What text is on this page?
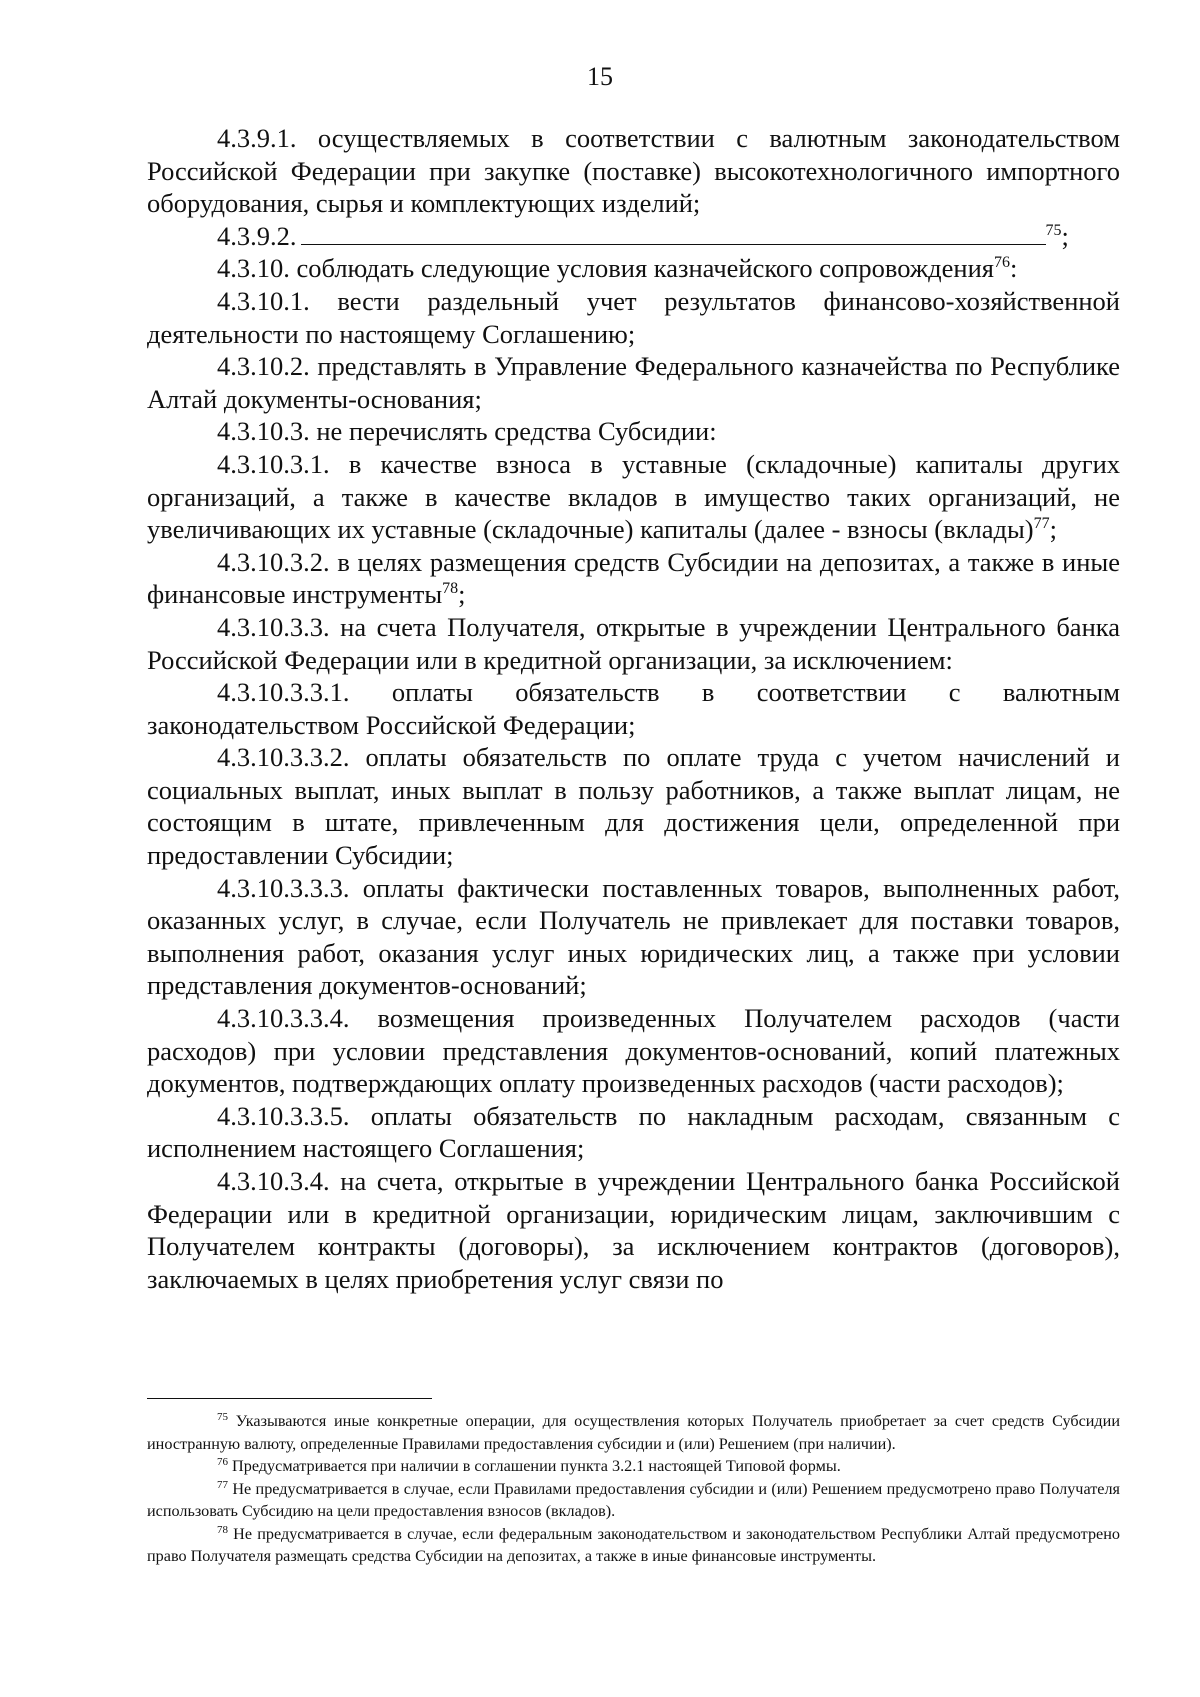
15

4.3.9.1. осуществляемых в соответствии с валютным законодательством Российской Федерации при закупке (поставке) высокотехнологичного импортного оборудования, сырья и комплектующих изделий;

4.3.9.2.	$^{75}$;

4.3.10. соблюдать следующие условия казначейского сопровождения$^{76}$:

4.3.10.1. вести раздельный учет результатов финансово-хозяйственной деятельности по настоящему Соглашению;

4.3.10.2. представлять в Управление Федерального казначейства по Республике Алтай документы-основания;

4.3.10.3. не перечислять средства Субсидии:

4.3.10.3.1. в качестве взноса в уставные (складочные) капиталы других организаций, а также в качестве вкладов в имущество таких организаций, не увеличивающих их уставные (складочные) капиталы (далее - взносы (вклады)$^{77}$;

4.3.10.3.2. в целях размещения средств Субсидии на депозитах, а также в иные финансовые инструменты$^{78}$;

4.3.10.3.3. на счета Получателя, открытые в учреждении Центрального банка Российской Федерации или в кредитной организации, за исключением:

4.3.10.3.3.1. оплаты обязательств в соответствии с валютным законодательством Российской Федерации;

4.3.10.3.3.2. оплаты обязательств по оплате труда с учетом начислений и социальных выплат, иных выплат в пользу работников, а также выплат лицам, не состоящим в штате, привлеченным для достижения цели, определенной при предоставлении Субсидии;

4.3.10.3.3.3. оплаты фактически поставленных товаров, выполненных работ, оказанных услуг, в случае, если Получатель не привлекает для поставки товаров, выполнения работ, оказания услуг иных юридических лиц, а также при условии представления документов-оснований;

4.3.10.3.3.4. возмещения произведенных Получателем расходов (части расходов) при условии представления документов-оснований, копий платежных документов, подтверждающих оплату произведенных расходов (части расходов);

4.3.10.3.3.5. оплаты обязательств по накладным расходам, связанным с исполнением настоящего Соглашения;

4.3.10.3.4. на счета, открытые в учреждении Центрального банка Российской Федерации или в кредитной организации, юридическим лицам, заключившим с Получателем контракты (договоры), за исключением контрактов (договоров), заключаемых в целях приобретения услуг связи по

$^{75}$ Указываются иные конкретные операции, для осуществления которых Получатель приобретает за счет средств Субсидии иностранную валюту, определенные Правилами предоставления субсидии и (или) Решением (при наличии).

$^{76}$ Предусматривается при наличии в соглашении пункта 3.2.1 настоящей Типовой формы.

$^{77}$ Не предусматривается в случае, если Правилами предоставления субсидии и (или) Решением предусмотрено право Получателя использовать Субсидию на цели предоставления взносов (вкладов).

$^{78}$ Не предусматривается в случае, если федеральным законодательством и законодательством Республики Алтай предусмотрено право Получателя размещать средства Субсидии на депозитах, а также в иные финансовые инструменты.
